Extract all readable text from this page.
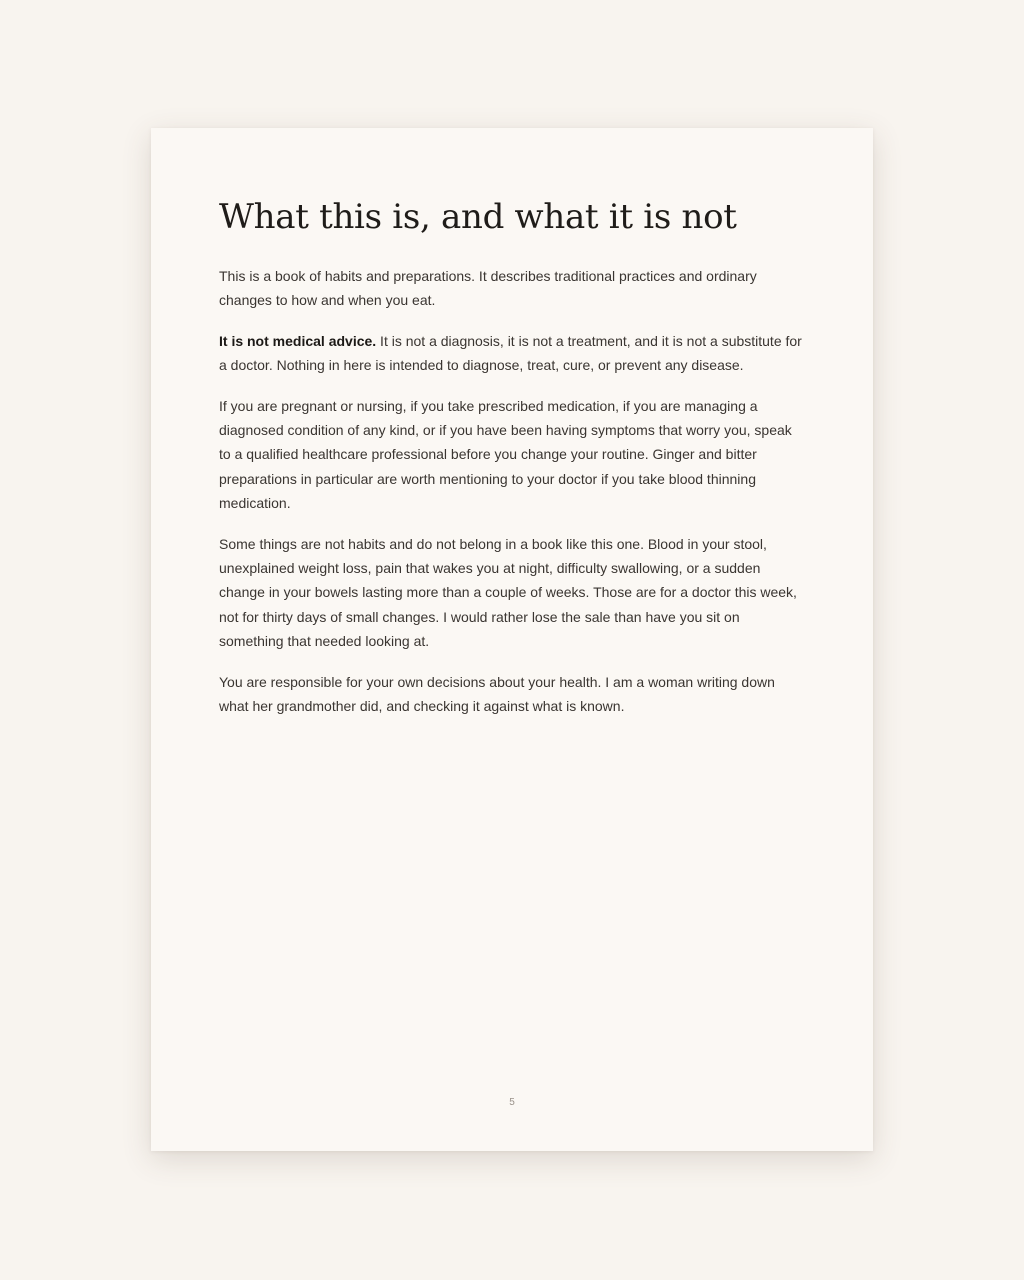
What this is, and what it is not

This is a book of habits and preparations. It describes traditional practices and ordinary changes to how and when you eat.

It is not medical advice. It is not a diagnosis, it is not a treatment, and it is not a substitute for a doctor. Nothing in here is intended to diagnose, treat, cure, or prevent any disease.

If you are pregnant or nursing, if you take prescribed medication, if you are managing a diagnosed condition of any kind, or if you have been having symptoms that worry you, speak to a qualified healthcare professional before you change your routine. Ginger and bitter preparations in particular are worth mentioning to your doctor if you take blood thinning medication.

Some things are not habits and do not belong in a book like this one. Blood in your stool, unexplained weight loss, pain that wakes you at night, difficulty swallowing, or a sudden change in your bowels lasting more than a couple of weeks. Those are for a doctor this week, not for thirty days of small changes. I would rather lose the sale than have you sit on something that needed looking at.

You are responsible for your own decisions about your health. I am a woman writing down what her grandmother did, and checking it against what is known.

5
